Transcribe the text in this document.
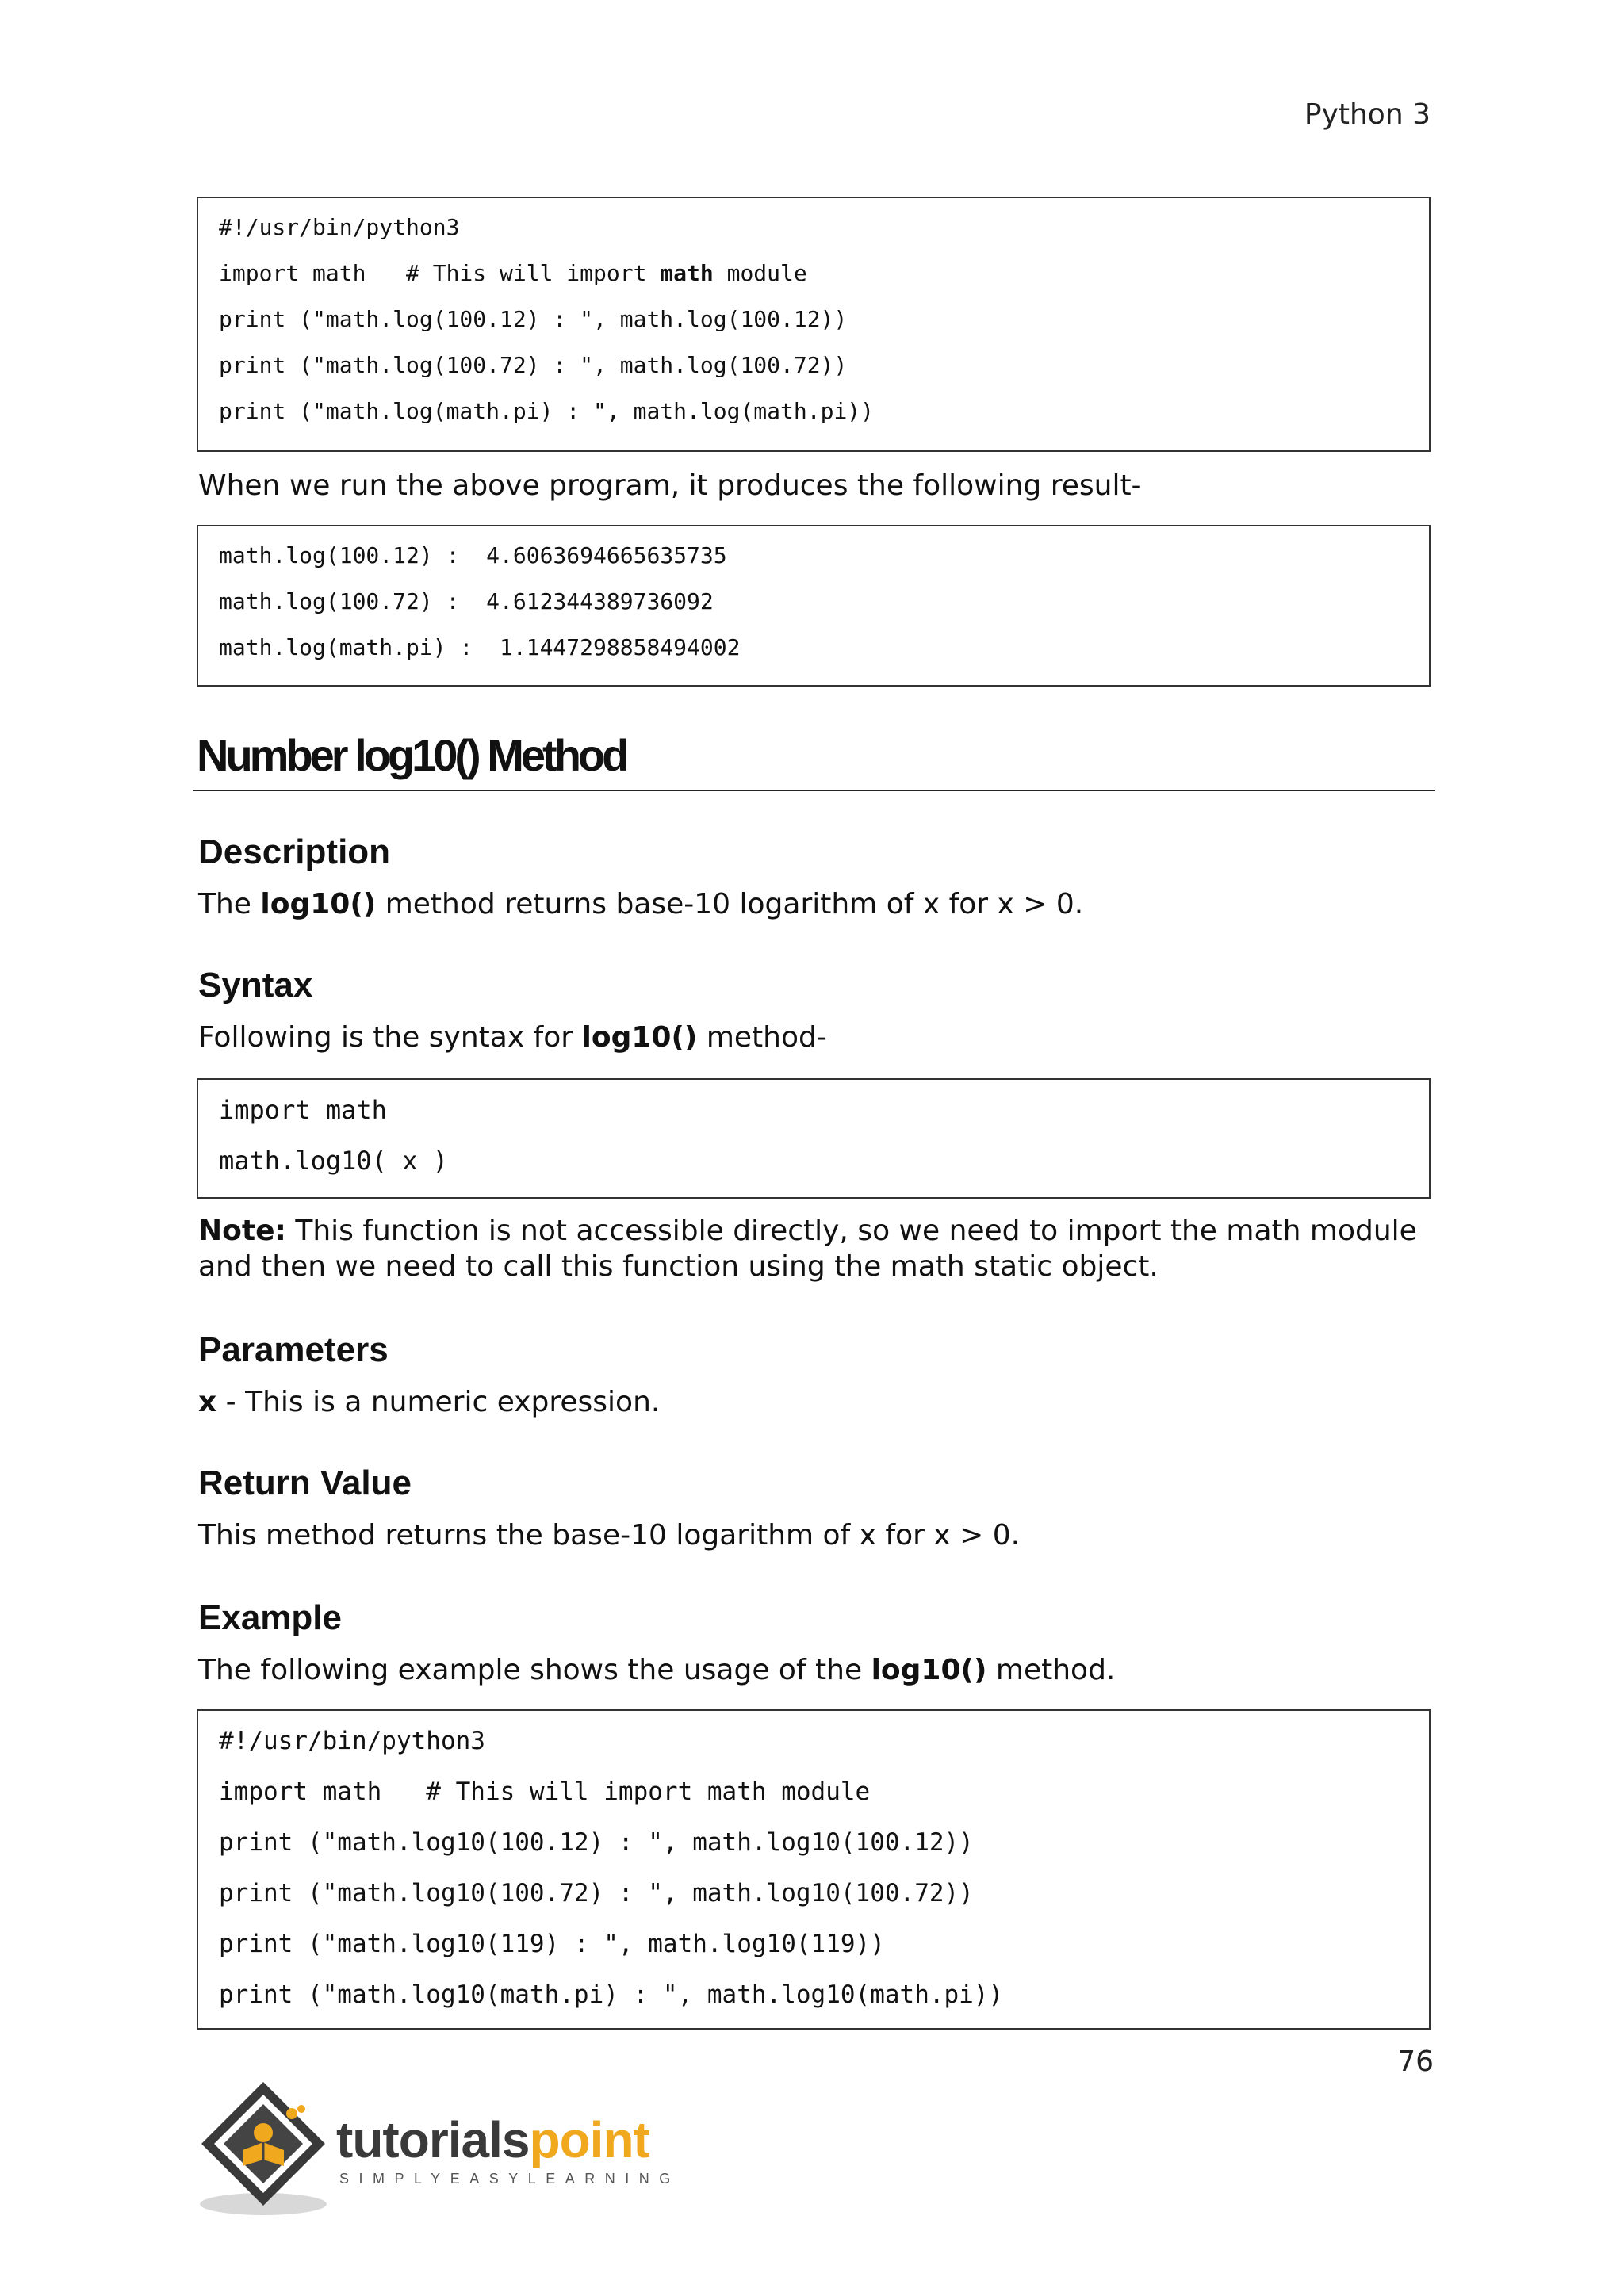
Python 3
#!/usr/bin/python3
import math   # This will import math module
print ("math.log(100.12) : ", math.log(100.12))
print ("math.log(100.72) : ", math.log(100.72))
print ("math.log(math.pi) : ", math.log(math.pi))
When we run the above program, it produces the following result-
math.log(100.12) :  4.6063694665635735
math.log(100.72) :  4.612344389736092
math.log(math.pi) :  1.1447298858494002
Number log10() Method
Description
The log10() method returns base-10 logarithm of x for x > 0.
Syntax
Following is the syntax for log10() method-
import math
math.log10( x )
Note: This function is not accessible directly, so we need to import the math module and then we need to call this function using the math static object.
Parameters
x - This is a numeric expression.
Return Value
This method returns the base-10 logarithm of x for x > 0.
Example
The following example shows the usage of the log10() method.
#!/usr/bin/python3
import math   # This will import math module
print ("math.log10(100.12) : ", math.log10(100.12))
print ("math.log10(100.72) : ", math.log10(100.72))
print ("math.log10(119) : ", math.log10(119))
print ("math.log10(math.pi) : ", math.log10(math.pi))
76
tutorialspoint
SIMPLYEASYLEARNING
